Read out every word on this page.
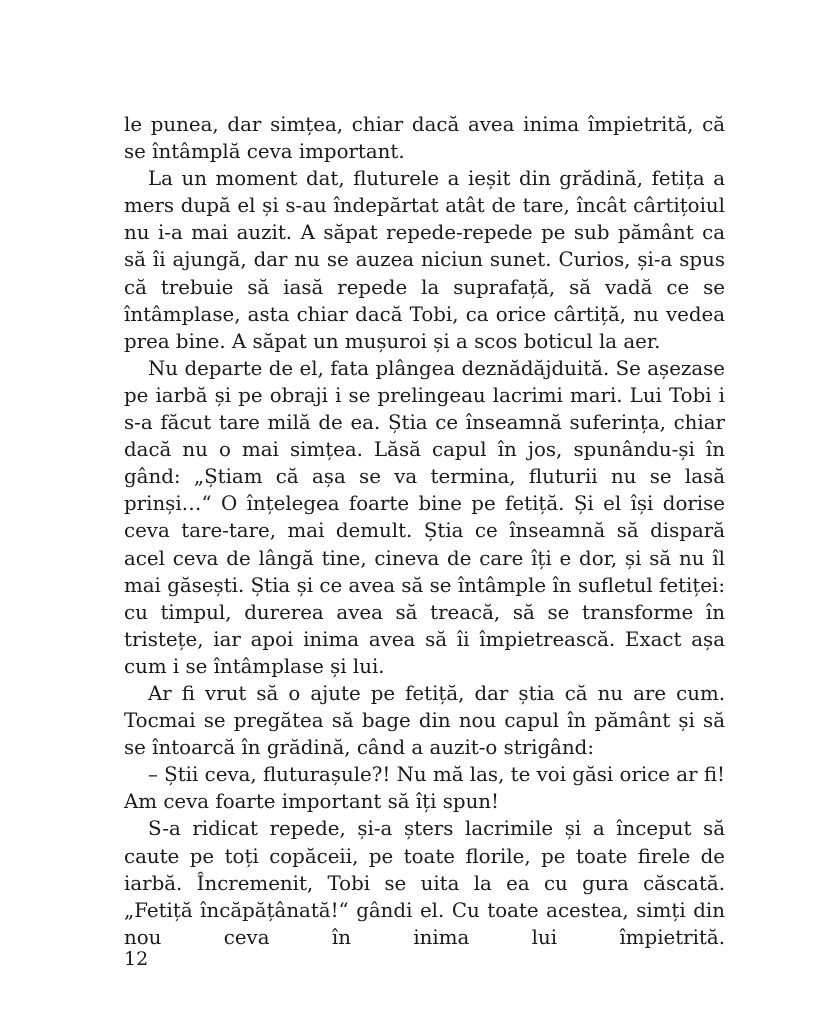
le punea, dar simțea, chiar dacă avea inima împietrită, că se întâmplă ceva important.

La un moment dat, fluturele a ieșit din grădină, fetița a mers după el și s-au îndepărtat atât de tare, încât cârtițoiul nu i-a mai auzit. A săpat repede-repede pe sub pământ ca să îi ajungă, dar nu se auzea niciun sunet. Curios, și-a spus că trebuie să iasă repede la suprafață, să vadă ce se întâmplase, asta chiar dacă Tobi, ca orice cârtiță, nu vedea prea bine. A săpat un mușuroi și a scos boticul la aer.

Nu departe de el, fata plângea deznădăjduită. Se așezase pe iarbă și pe obraji i se prelingeau lacrimi mari. Lui Tobi i s-a făcut tare milă de ea. Știa ce înseamnă suferința, chiar dacă nu o mai simțea. Lăsă capul în jos, spunându-și în gând: „Știam că așa se va termina, fluturii nu se lasă prinși…“ O înțelegea foarte bine pe fetiță. Și el își dorise ceva tare-tare, mai demult. Știa ce înseamnă să dispară acel ceva de lângă tine, cineva de care îți e dor, și să nu îl mai găsești. Știa și ce avea să se întâmple în sufletul fetiței: cu timpul, durerea avea să treacă, să se transforme în tristețe, iar apoi inima avea să îi împietrească. Exact așa cum i se întâmplase și lui.

Ar fi vrut să o ajute pe fetiță, dar știa că nu are cum. Tocmai se pregătea să bage din nou capul în pământ și să se întoarcă în grădină, când a auzit-o strigând:

– Știi ceva, fluturașule?! Nu mă las, te voi găsi orice ar fi! Am ceva foarte important să îți spun!

S-a ridicat repede, și-a șters lacrimile și a început să caute pe toți copăceii, pe toate florile, pe toate firele de iarbă. Încremenit, Tobi se uita la ea cu gura căscată. „Fetiță încăpățânată!“ gândi el. Cu toate acestea, simți din nou ceva în inima lui împietrită.

12
